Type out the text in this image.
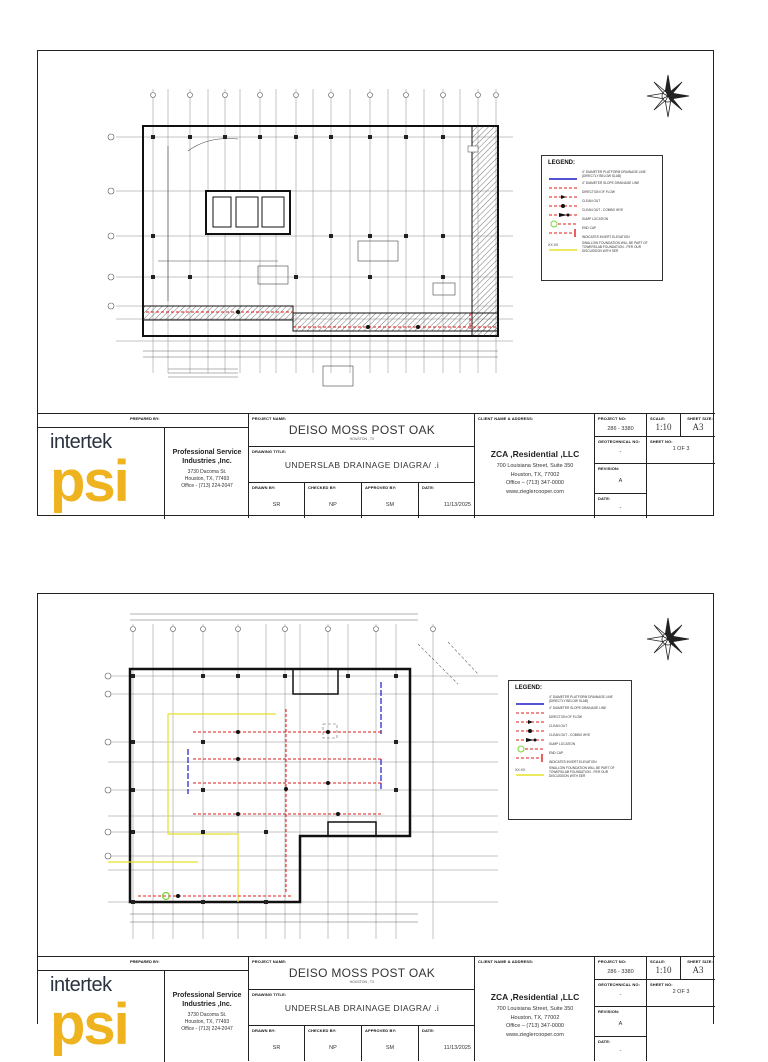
LEGEND:
4" DIAMETER PLATFORM DRAINAGE LINE (DIRECTLY BELOW SLAB)
4" DIAMETER SLOPE DRAINAGE LINE
DIRECTION OF FLOW
CLEAN OUT
CLEAN OUT - COMBO WYE
SUMP LOCATION
END CAP
XX.XX
INDICATES INVERT ELEVATION
SWALLOW FOUNDATION WILL BE PART OF TOWERSLAB FOUNDATION - PER OUR DISCUSSION WITH SER
PREPARED BY:
intertek
psi	Professional Service Industries ,Inc.
3730 Dacoma St.
Houston, TX, 77493
Office - (713) 224-2047
PROJECT NAME:
DEISO MOSS POST OAK
HOUSTON , TX
DRAWING TITLE:
UNDERSLAB DRAINAGE DIAGRA/ .i
DRAWN BY:
SR
CHECKED BY:
NP
APPROVED BY:
SM
DATE:
11/13/2025
CLIENT NAME & ADDRESS:
ZCA ,Residential ,LLC
700 Louisiana Street, Suite 350
Houston, TX, 77002
Office – (713) 347-0000
www.zieglercooper.com
PROJECT NO:
286 - 3380
SCALE:
1:10
SHEET SIZE:
A3
GEOTECHNICAL NO:
-
SHEET NO:
1 OF 3
REVISION:
A
DATE:
-
LEGEND:
4" DIAMETER PLATFORM DRAINAGE LINE (DIRECTLY BELOW SLAB)
4" DIAMETER SLOPE DRAINAGE LINE
DIRECTION OF FLOW
CLEAN OUT
CLEAN OUT - COMBO WYE
SUMP LOCATION
END CAP
XX.XX
INDICATES INVERT ELEVATION
SWALLOW FOUNDATION WILL BE PART OF TOWERSLAB FOUNDATION - PER OUR DISCUSSION WITH SER
PREPARED BY:
intertek
psi	Professional Service Industries ,Inc.
3730 Dacoma St.
Houston, TX, 77493
Office - (713) 224-2047
PROJECT NAME:
DEISO MOSS POST OAK
HOUSTON , TX
DRAWING TITLE:
UNDERSLAB DRAINAGE DIAGRA/ .i
DRAWN BY:
SR
CHECKED BY:
NP
APPROVED BY:
SM
DATE:
11/13/2025
CLIENT NAME & ADDRESS:
ZCA ,Residential ,LLC
700 Louisiana Street, Suite 350
Houston, TX, 77002
Office – (713) 347-0000
www.zieglercooper.com
PROJECT NO:
286 - 3380
SCALE:
1:10
SHEET SIZE:
A3
GEOTECHNICAL NO:
-
SHEET NO:
2 OF 3
REVISION:
A
DATE:
-
